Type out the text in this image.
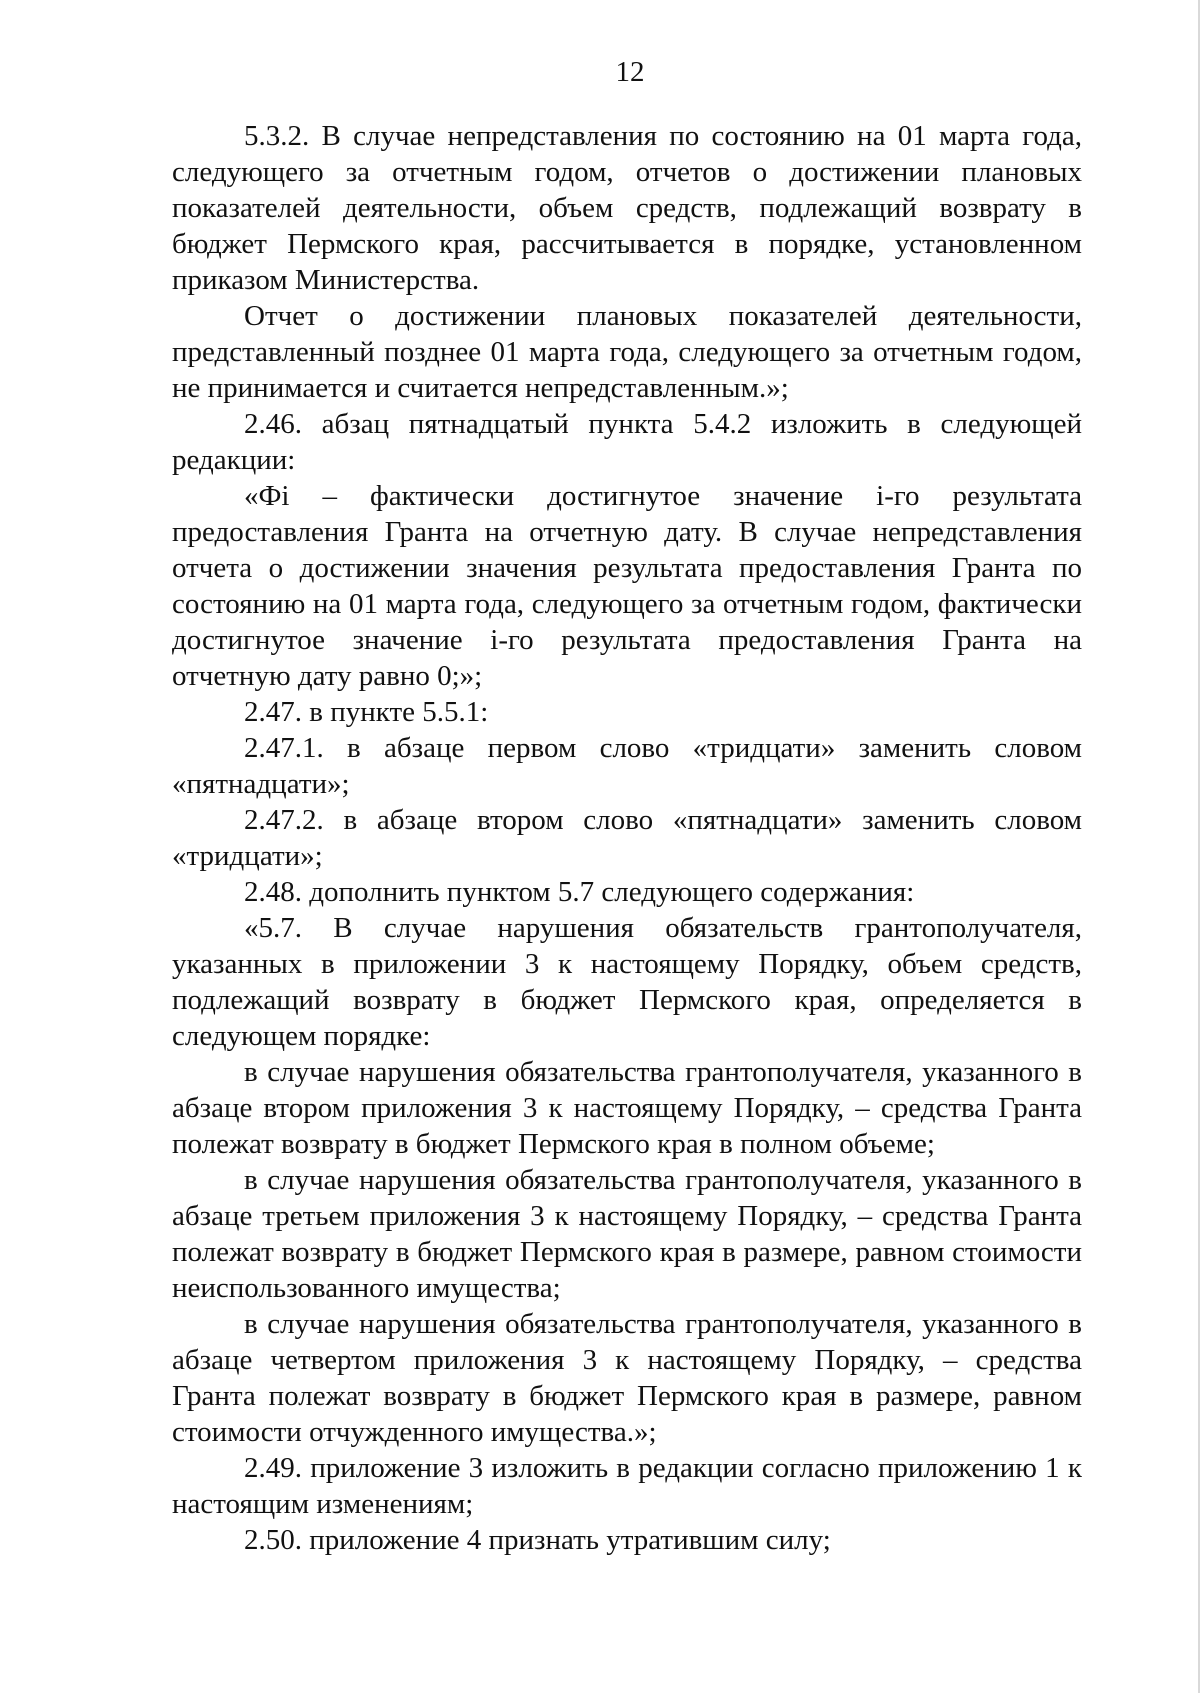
12

5.3.2. В случае непредставления по состоянию на 01 марта года, следующего за отчетным годом, отчетов о достижении плановых показателей деятельности, объем средств, подлежащий возврату в бюджет Пермского края, рассчитывается в порядке, установленном приказом Министерства.

Отчет о достижении плановых показателей деятельности, представленный позднее 01 марта года, следующего за отчетным годом, не принимается и считается непредставленным.»;

2.46. абзац пятнадцатый пункта 5.4.2 изложить в следующей редакции:

«Фi – фактически достигнутое значение i-го результата предоставления Гранта на отчетную дату. В случае непредставления отчета о достижении значения результата предоставления Гранта по состоянию на 01 марта года, следующего за отчетным годом, фактически достигнутое значение i-го результата предоставления Гранта на отчетную дату равно 0;»;

2.47. в пункте 5.5.1:

2.47.1. в абзаце первом слово «тридцати» заменить словом «пятнадцати»;

2.47.2. в абзаце втором слово «пятнадцати» заменить словом «тридцати»;

2.48. дополнить пунктом 5.7 следующего содержания:

«5.7. В случае нарушения обязательств грантополучателя, указанных в приложении 3 к настоящему Порядку, объем средств, подлежащий возврату в бюджет Пермского края, определяется в следующем порядке:

в случае нарушения обязательства грантополучателя, указанного в абзаце втором приложения 3 к настоящему Порядку, – средства Гранта полежат возврату в бюджет Пермского края в полном объеме;

в случае нарушения обязательства грантополучателя, указанного в абзаце третьем приложения 3 к настоящему Порядку, – средства Гранта полежат возврату в бюджет Пермского края в размере, равном стоимости неиспользованного имущества;

в случае нарушения обязательства грантополучателя, указанного в абзаце четвертом приложения 3 к настоящему Порядку, – средства Гранта полежат возврату в бюджет Пермского края в размере, равном стоимости отчужденного имущества.»;

2.49. приложение 3 изложить в редакции согласно приложению 1 к настоящим изменениям;

2.50. приложение 4 признать утратившим силу;
